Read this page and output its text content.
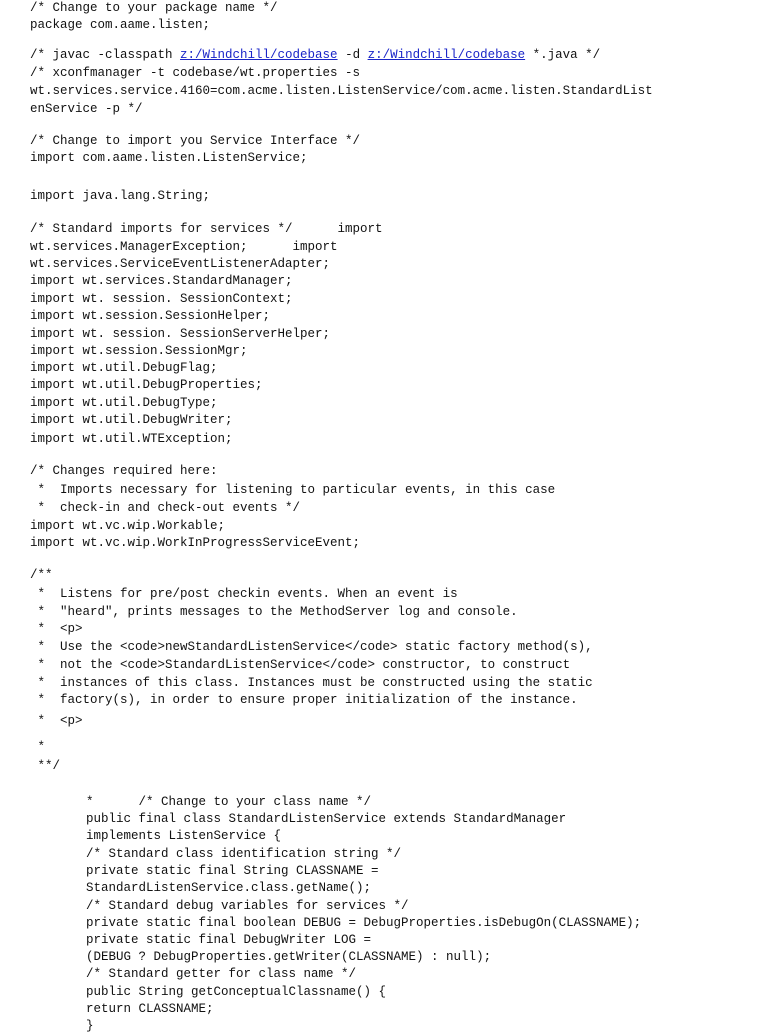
/* Change to your package name */
package com.aame.listen;
/* javac -classpath z:/Windchill/codebase -d z:/Windchill/codebase *.java */
/* xconfmanager -t codebase/wt.properties -s
wt.services.service.4160=com.acme.listen.ListenService/com.acme.listen.StandardList
enService -p */
/* Change to import you Service Interface */
import com.aame.listen.ListenService;
import java.lang.String;
/* Standard imports for services */      import
wt.services.ManagerException;      import
wt.services.ServiceEventListenerAdapter;
import wt.services.StandardManager;
import wt. session. SessionContext;
import wt.session.SessionHelper;
import wt. session. SessionServerHelper;
import wt.session.SessionMgr;
import wt.util.DebugFlag;
import wt.util.DebugProperties;
import wt.util.DebugType;
import wt.util.DebugWriter;
import wt.util.WTException;
/* Changes required here:
*  Imports necessary for listening to particular events, in this case
*  check-in and check-out events */
import wt.vc.wip.Workable;
import wt.vc.wip.WorkInProgressServiceEvent;
/**
*  Listens for pre/post checkin events. When an event is
*  "heard", prints messages to the MethodServer log and console.
*  <p>
*  Use the <code>newStandardListenService</code> static factory method(s),
*  not the <code>StandardListenService</code> constructor, to construct
*  instances of this class. Instances must be constructed using the static
*  factory(s), in order to ensure proper initialization of the instance.
*  <p>
*
**/
*      /* Change to your class name */
public final class StandardListenService extends StandardManager
implements ListenService {
/* Standard class identification string */
private static final String CLASSNAME =
StandardListenService.class.getName();
/* Standard debug variables for services */
private static final boolean DEBUG = DebugProperties.isDebugOn(CLASSNAME);
private static final DebugWriter LOG =
(DEBUG ? DebugProperties.getWriter(CLASSNAME) : null);
/* Standard getter for class name */
public String getConceptualClassname() {
return CLASSNAME;
}
